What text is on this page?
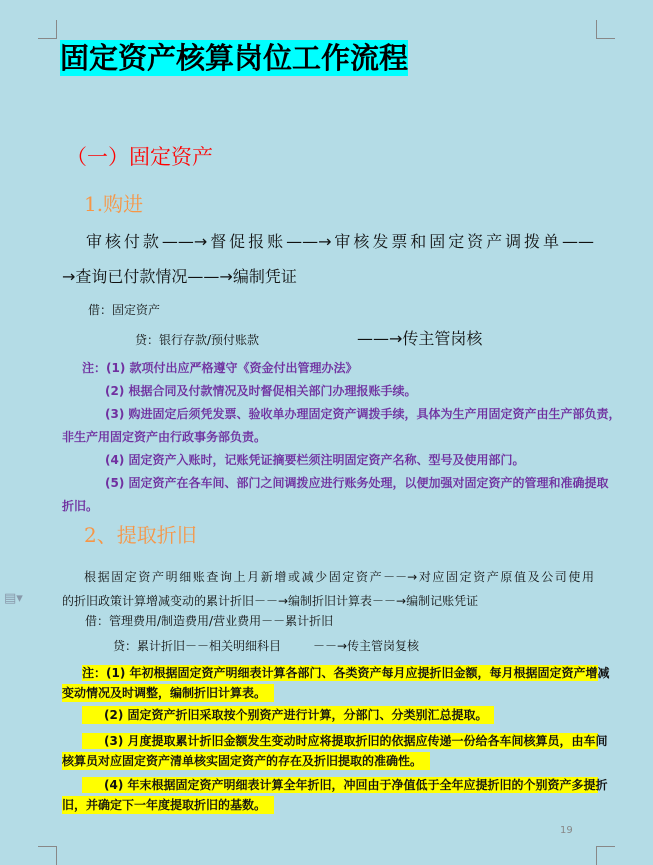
▤▾
固定资产核算岗位工作流程
（一）固定资产
1.购进
审核付款——→督促报账——→审核发票和固定资产调拨单——
→查询已付款情况——→编制凭证
借：固定资产
贷：银行存款/预付账款	——→传主管岗核
注：(1) 款项付出应严格遵守《资金付出管理办法》
(2) 根据合同及付款情况及时督促相关部门办理报账手续。
(3) 购进固定后须凭发票、验收单办理固定资产调拨手续，具体为生产用固定资产由生产部负责，
非生产用固定资产由行政事务部负责。
(4) 固定资产入账时，记账凭证摘要栏须注明固定资产名称、型号及使用部门。
(5) 固定资产在各车间、部门之间调拨应进行账务处理，以便加强对固定资产的管理和准确提取
折旧。
2、提取折旧
根据固定资产明细账查询上月新增或减少固定资产－－→对应固定资产原值及公司使用
的折旧政策计算增减变动的累计折旧－－→编制折旧计算表－－→编制记账凭证
借：管理费用/制造费用/营业费用－－累计折旧
贷：累计折旧－－相关明细科目	－－→传主管岗复核
注：(1) 年初根据固定资产明细表计算各部门、各类资产每月应提折旧金额，每月根据固定资产增减
变动情况及时调整，编制折旧计算表。
(2) 固定资产折旧采取按个别资产进行计算，分部门、分类别汇总提取。
(3) 月度提取累计折旧金额发生变动时应将提取折旧的依据应传递一份给各车间核算员，由车间
核算员对应固定资产清单核实固定资产的存在及折旧提取的准确性。
(4) 年末根据固定资产明细表计算全年折旧，冲回由于净值低于全年应提折旧的个别资产多提折
旧，并确定下一年度提取折旧的基数。
19
